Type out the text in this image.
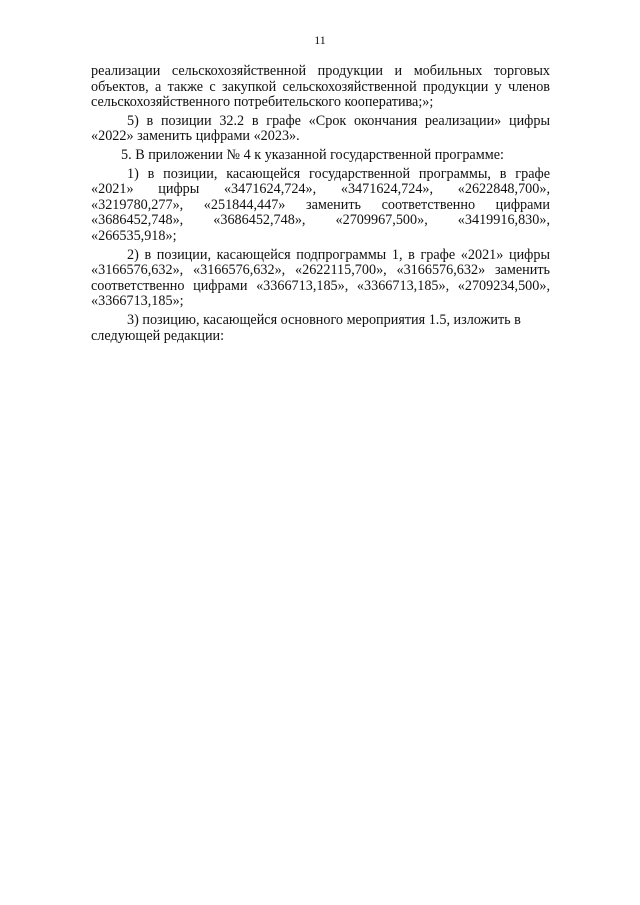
11

реализации сельскохозяйственной продукции и мобильных торговых объектов, а также с закупкой сельскохозяйственной продукции у членов сельскохозяйственного потребительского кооператива;»;

5) в позиции 32.2 в графе «Срок окончания реализации» цифры «2022» заменить цифрами «2023».

5. В приложении № 4 к указанной государственной программе:

1) в позиции, касающейся государственной программы, в графе «2021» цифры «3471624,724», «3471624,724», «2622848,700», «3219780,277», «251844,447» заменить соответственно цифрами «3686452,748», «3686452,748», «2709967,500», «3419916,830», «266535,918»;

2) в позиции, касающейся подпрограммы 1, в графе «2021» цифры «3166576,632», «3166576,632», «2622115,700», «3166576,632» заменить соответственно цифрами «3366713,185», «3366713,185», «2709234,500», «3366713,185»;

3) позицию, касающейся основного мероприятия 1.5, изложить в следующей редакции:
